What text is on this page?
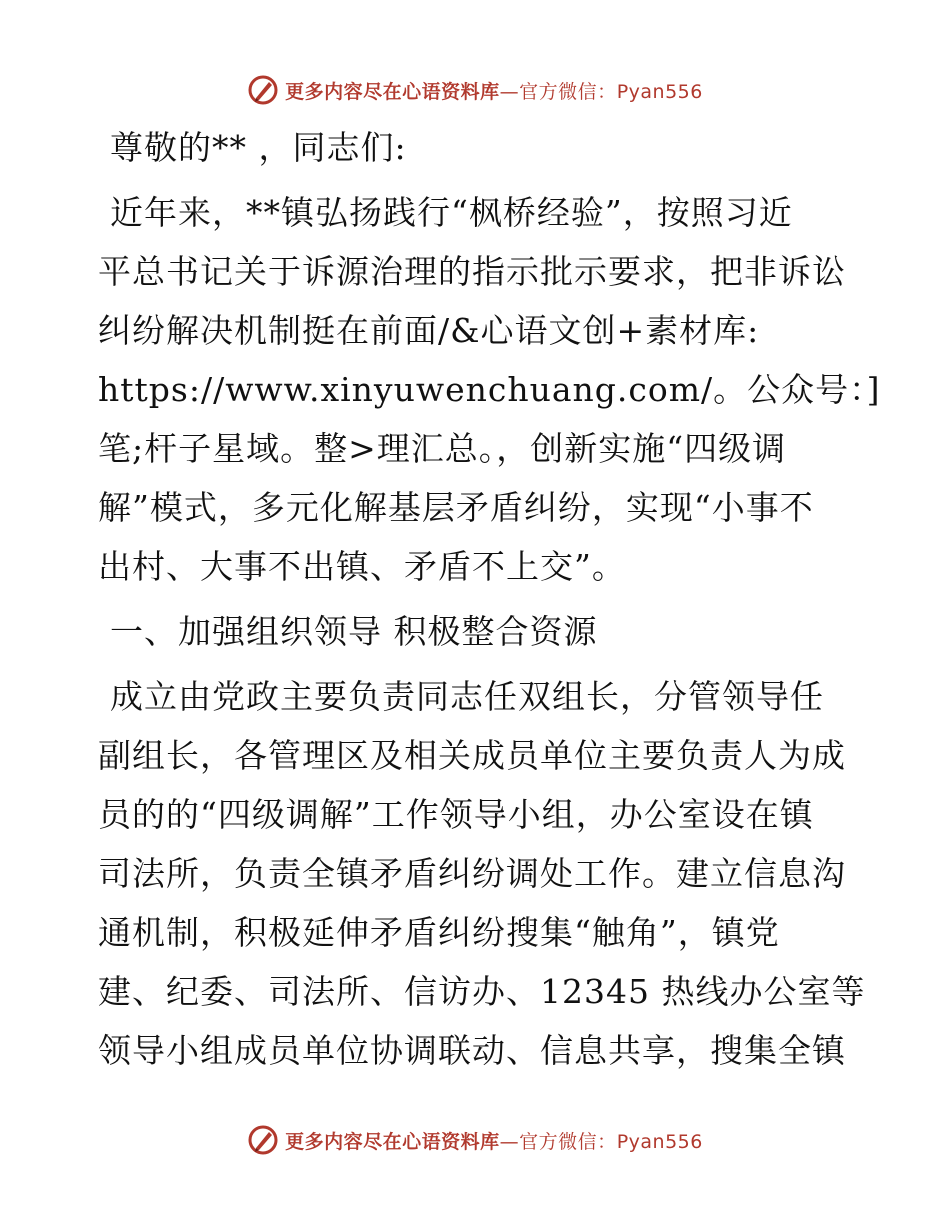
更多内容尽在心语资料库—官方微信：Pyan556

尊敬的** ，同志们:

近年来，**镇弘扬践行“枫桥经验”，按照习近
平总书记关于诉源治理的指示批示要求，把非诉讼
纠纷解决机制挺在前面/&心语文创+素材库:
https://www.xinyuwenchuang.com/。公众号：]
笔;杆子星域。整>理汇总。，创新实施“四级调
解”模式，多元化解基层矛盾纠纷，实现“小事不
出村、大事不出镇、矛盾不上交”。

一、加强组织领导 积极整合资源

成立由党政主要负责同志任双组长，分管领导任
副组长，各管理区及相关成员单位主要负责人为成
员的的“四级调解”工作领导小组，办公室设在镇
司法所，负责全镇矛盾纠纷调处工作。建立信息沟
通机制，积极延伸矛盾纠纷搜集“触角”，镇党
建、纪委、司法所、信访办、12345 热线办公室等
领导小组成员单位协调联动、信息共享，搜集全镇

更多内容尽在心语资料库—官方微信：Pyan556
